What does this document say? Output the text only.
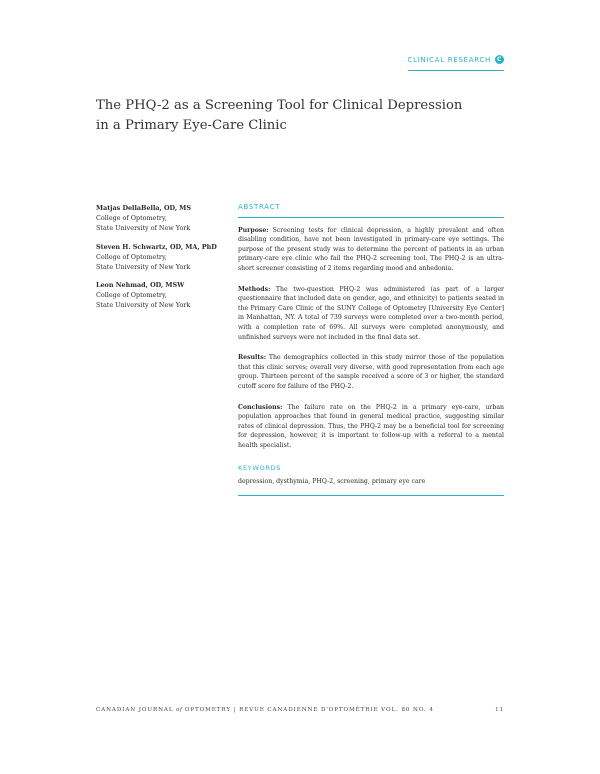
CLINICAL RESEARCH C
The PHQ-2 as a Screening Tool for Clinical Depression in a Primary Eye-Care Clinic
Matjas DellaBella, OD, MS
College of Optometry,
State University of New York
Steven H. Schwartz, OD, MA, PhD
College of Optometry,
State University of New York
Leon Nehmad, OD, MSW
College of Optometry,
State University of New York
ABSTRACT

Purpose: Screening tests for clinical depression, a highly prevalent and often disabling condition, have not been investigated in primary-care eye settings. The purpose of the present study was to determine the percent of patients in an urban primary-care eye clinic who fail the PHQ-2 screening tool. The PHQ-2 is an ultra-short screener consisting of 2 items regarding mood and anhedonia.

Methods: The two-question PHQ-2 was administered (as part of a larger questionnaire that included data on gender, age, and ethnicity) to patients seated in the Primary Care Clinic of the SUNY College of Optometry [University Eye Center] in Manhattan, NY. A total of 739 surveys were completed over a two-month period, with a completion rate of 69%. All surveys were completed anonymously, and unfinished surveys were not included in the final data set.

Results: The demographics collected in this study mirror those of the population that this clinic serves; overall very diverse, with good representation from each age group. Thirteen percent of the sample received a score of 3 or higher, the standard cutoff score for failure of the PHQ-2.

Conclusions: The failure rate on the PHQ-2 in a primary eye-care, urban population approaches that found in general medical practice, suggesting similar rates of clinical depression. Thus, the PHQ-2 may be a beneficial tool for screening for depression, however, it is important to follow-up with a referral to a mental health specialist.

KEYWORDS
depression, dysthymia, PHQ-2, screening, primary eye care
CANADIAN JOURNAL of OPTOMETRY | REVUE CANADIENNE D'OPTOMÉTRIE VOL. 80 NO. 4	11
